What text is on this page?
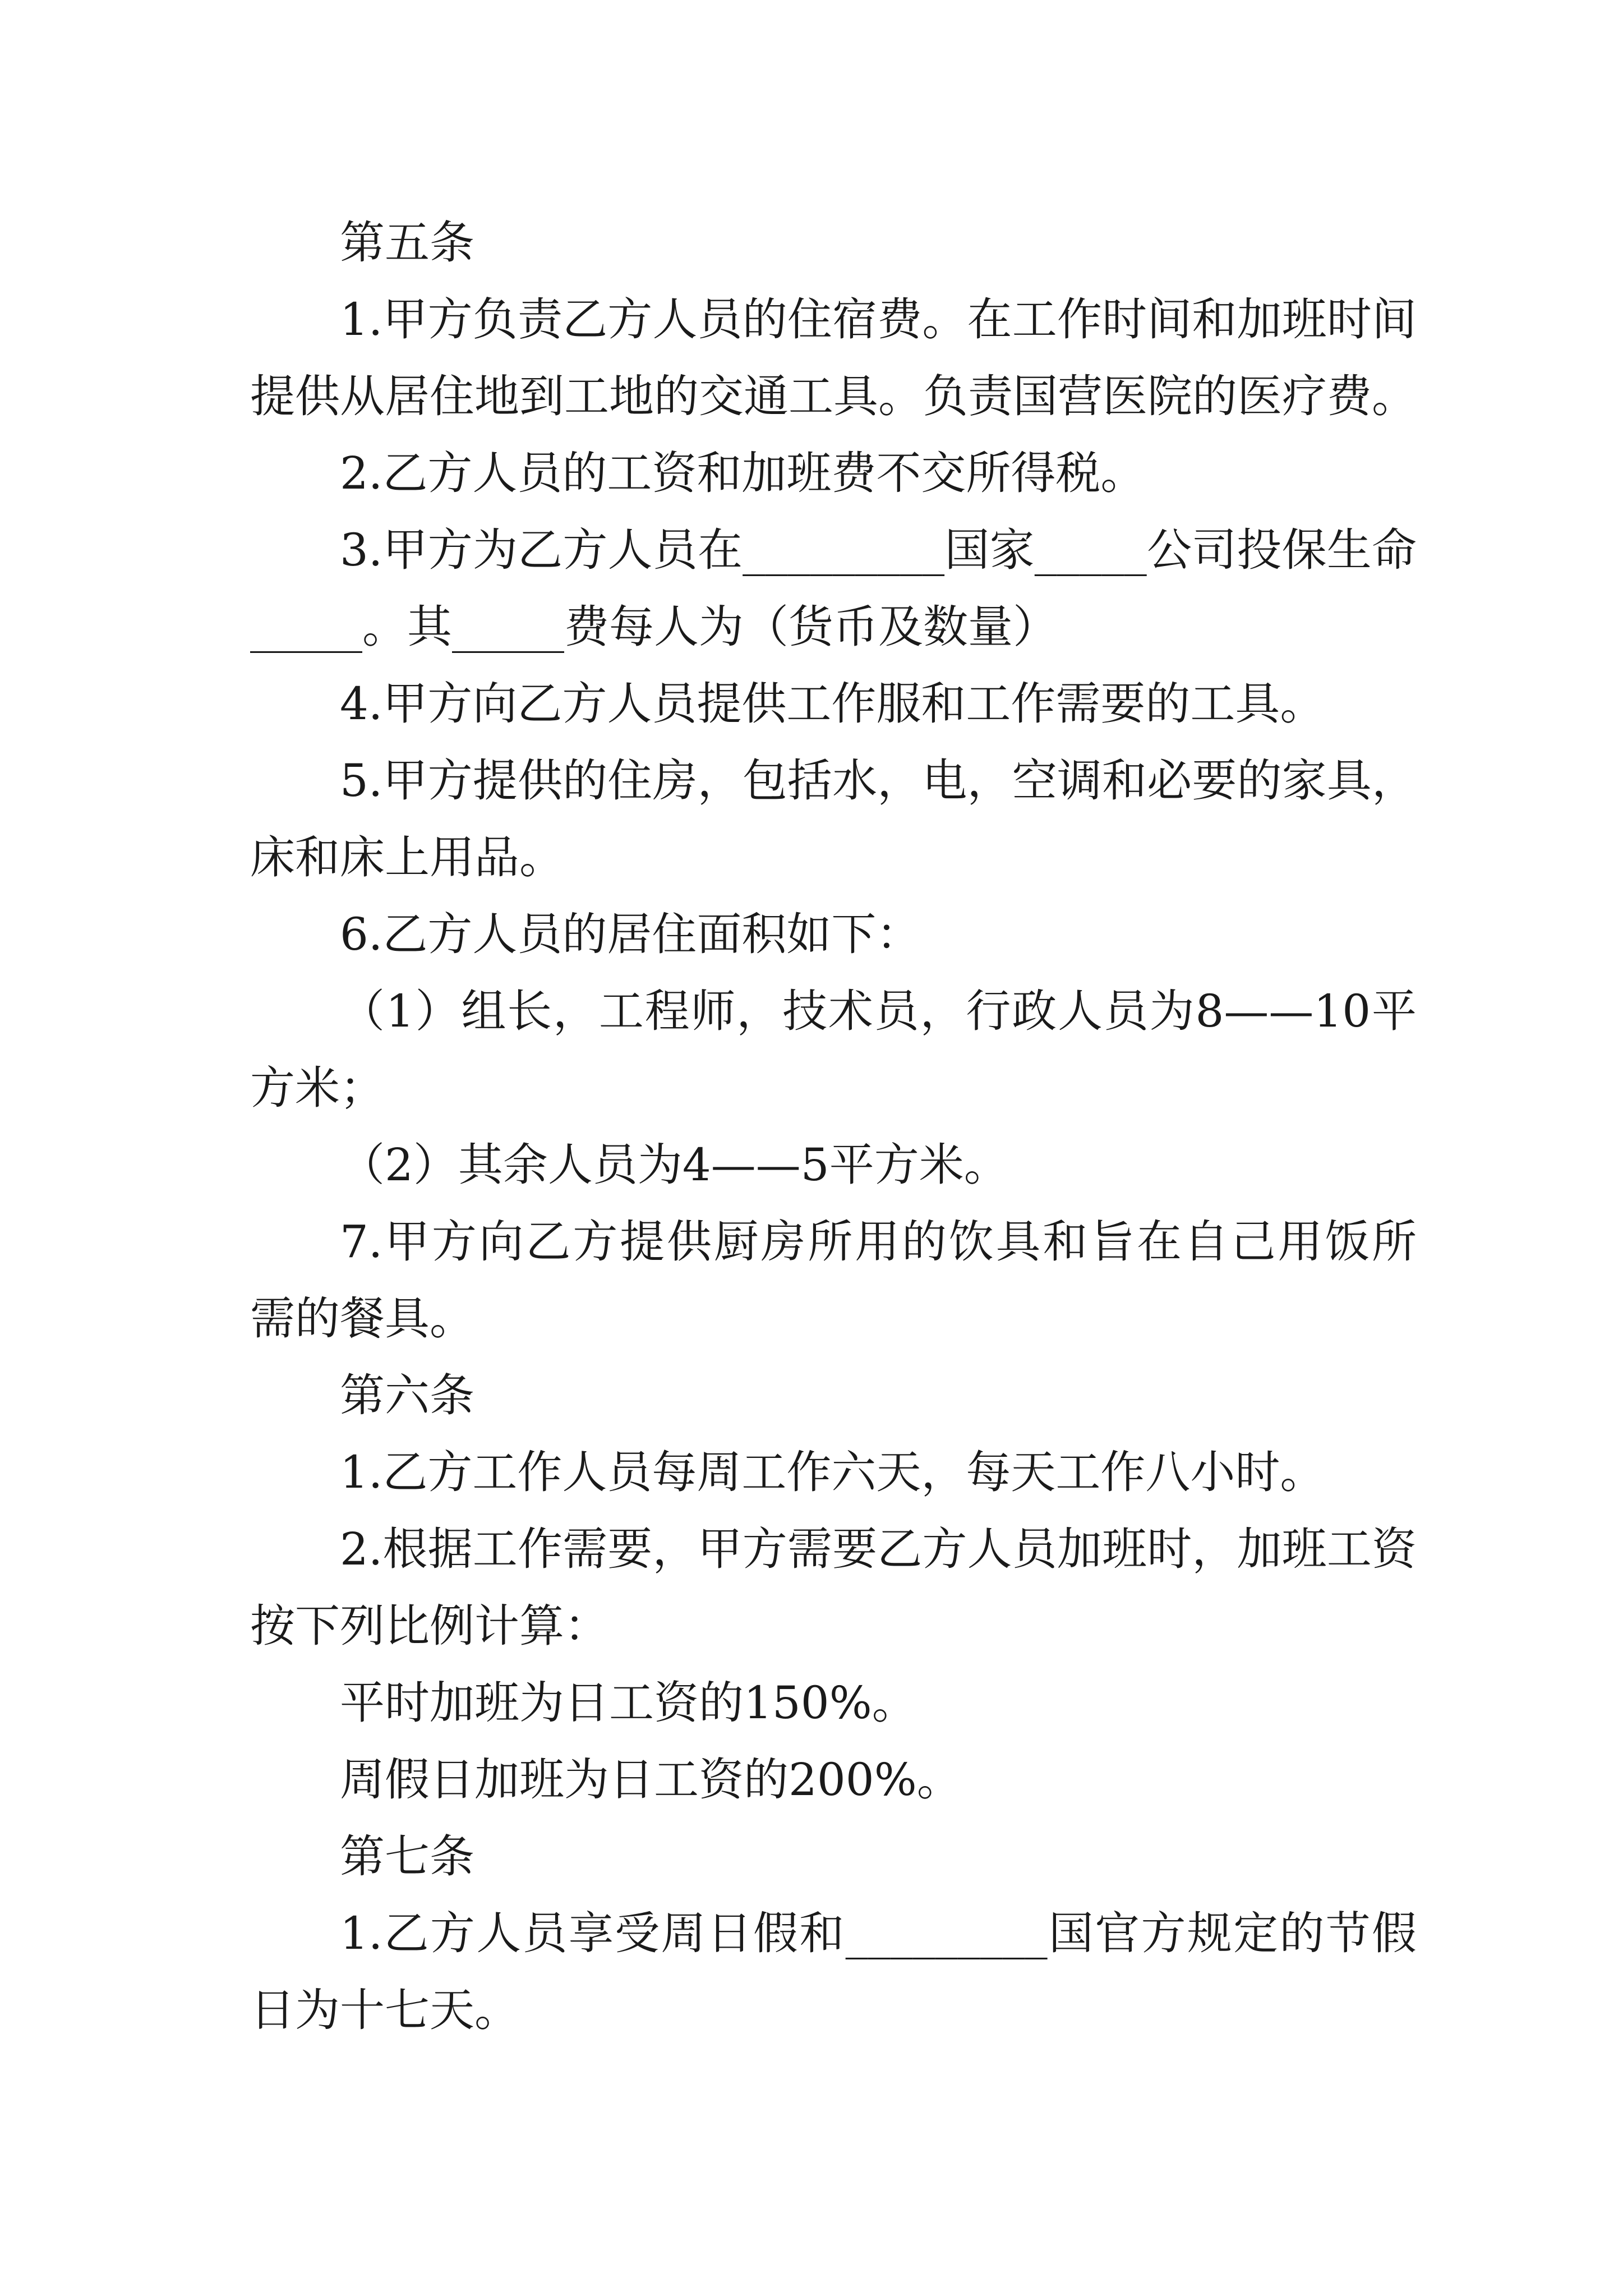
第五条
1.甲方负责乙方人员的住宿费。在工作时间和加班时间
提供从居住地到工地的交通工具。负责国营医院的医疗费。
2.乙方人员的工资和加班费不交所得税。
3.甲方为乙方人员在_________国家_____公司投保生命
_____。其_____费每人为（货币及数量）
4.甲方向乙方人员提供工作服和工作需要的工具。
5.甲方提供的住房，包括水，电，空调和必要的家具，
床和床上用品。
6.乙方人员的居住面积如下：
（1）组长，工程师，技术员，行政人员为8——10平
方米；
（2）其余人员为4——5平方米。
7.甲方向乙方提供厨房所用的饮具和旨在自己用饭所
需的餐具。
第六条
1.乙方工作人员每周工作六天，每天工作八小时。
2.根据工作需要，甲方需要乙方人员加班时，加班工资
按下列比例计算：
平时加班为日工资的150%。
周假日加班为日工资的200%。
第七条
1.乙方人员享受周日假和_________国官方规定的节假
日为十七天。
